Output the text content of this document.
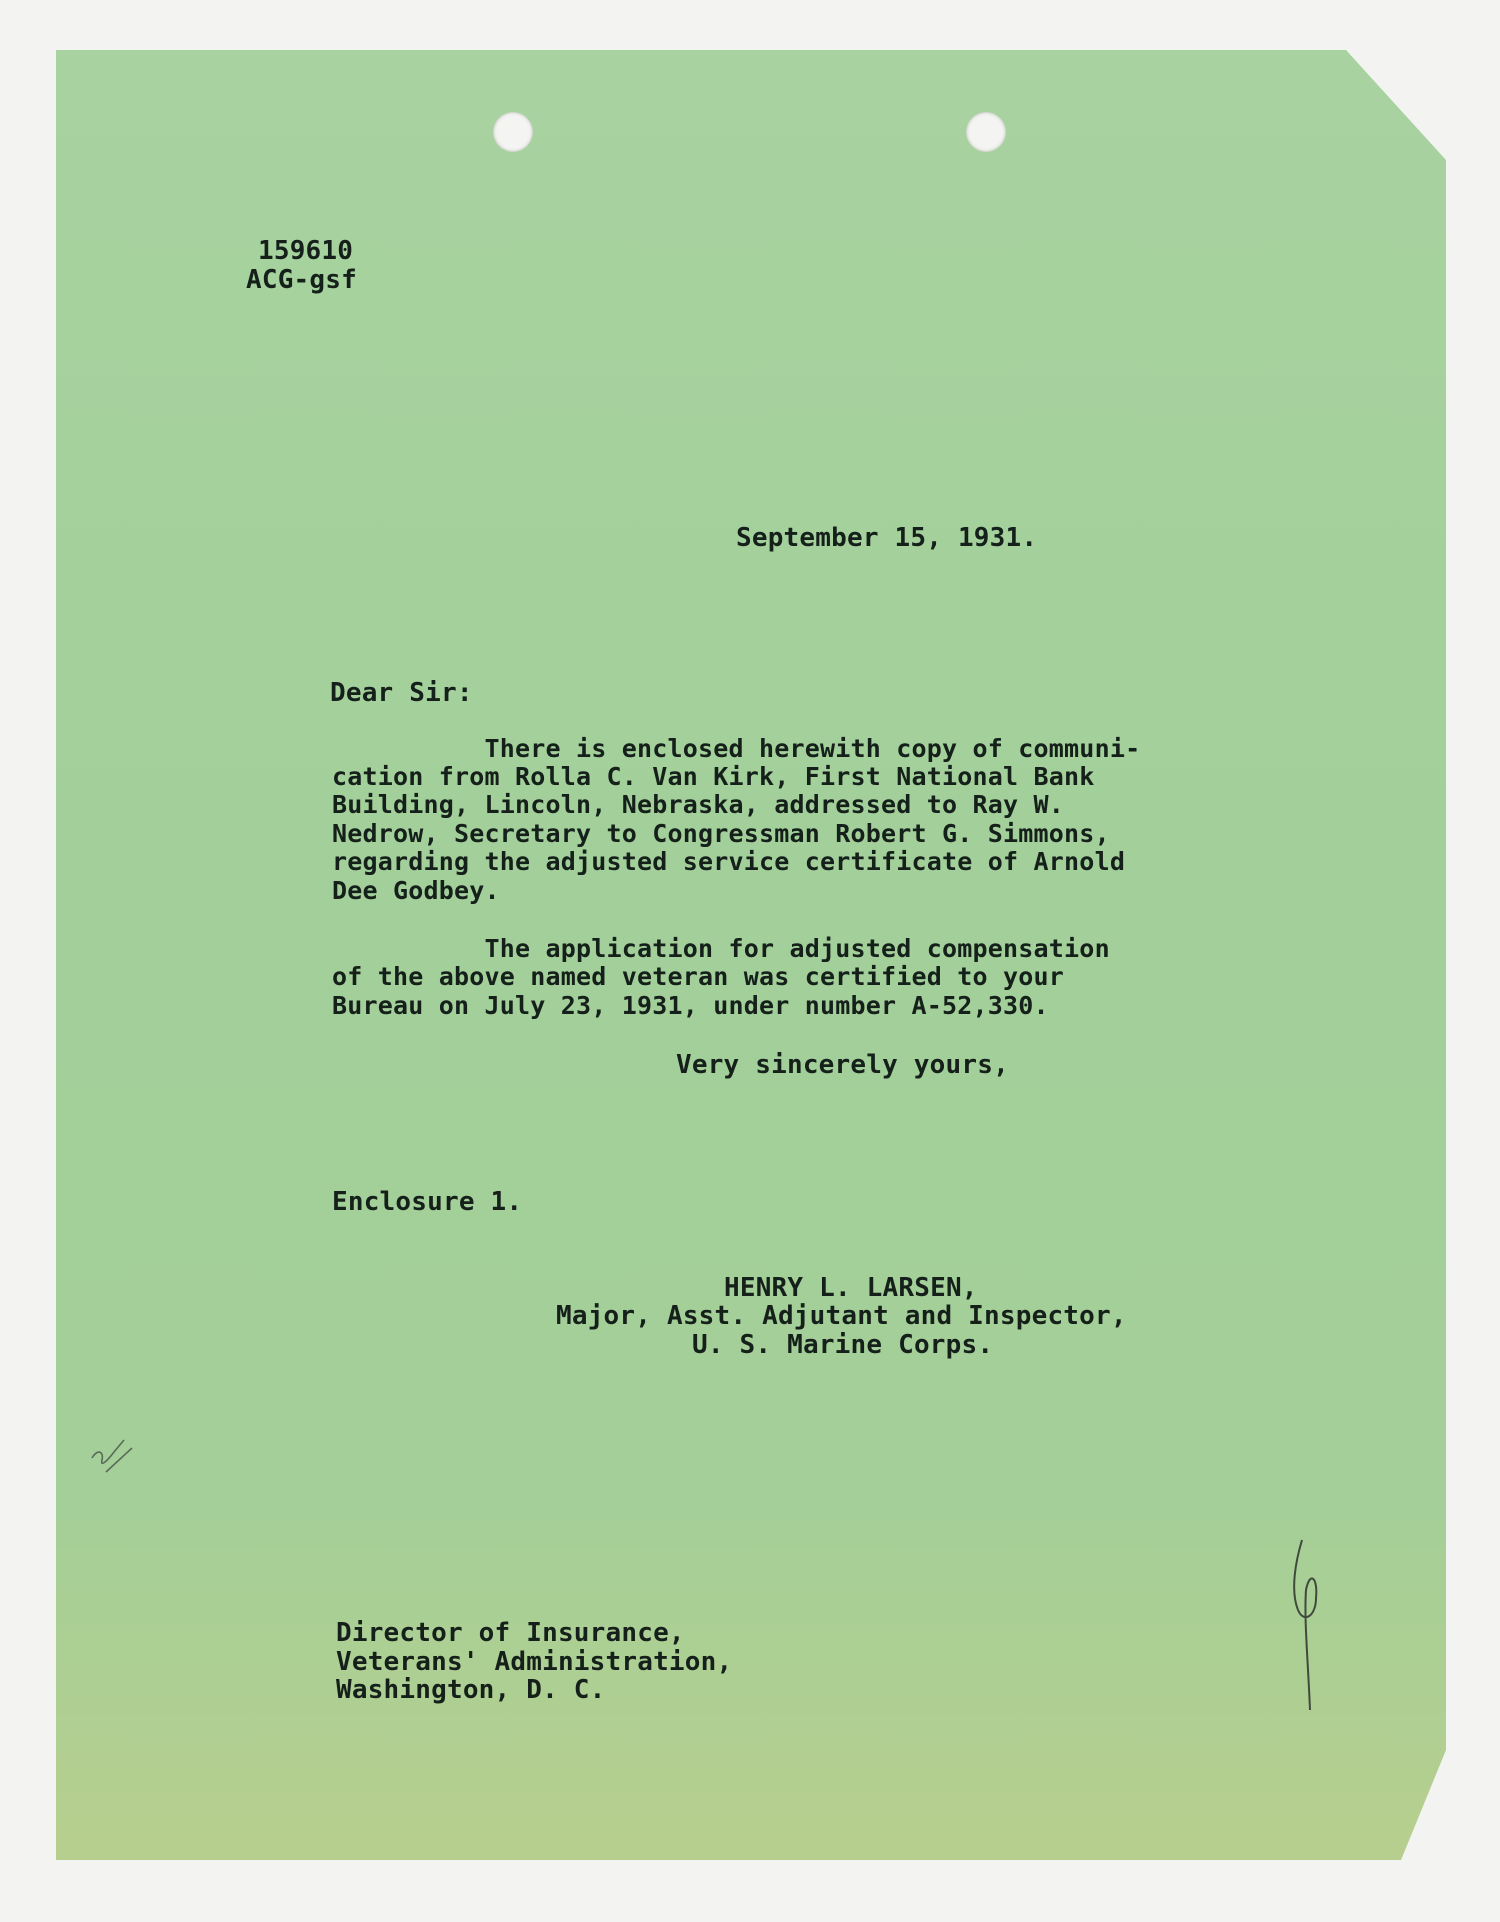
159610
ACG-gsf
September 15, 1931.
Dear Sir:
There is enclosed herewith copy of communi-
cation from Rolla C. Van Kirk, First National Bank
Building, Lincoln, Nebraska, addressed to Ray W.
Nedrow, Secretary to Congressman Robert G. Simmons,
regarding the adjusted service certificate of Arnold
Dee Godbey.
The application for adjusted compensation
of the above named veteran was certified to your
Bureau on July 23, 1931, under number A-52,330.
Very sincerely yours,
Enclosure 1.
HENRY L. LARSEN,
Major, Asst. Adjutant and Inspector,
U. S. Marine Corps.
Director of Insurance,
Veterans' Administration,
Washington, D. C.
